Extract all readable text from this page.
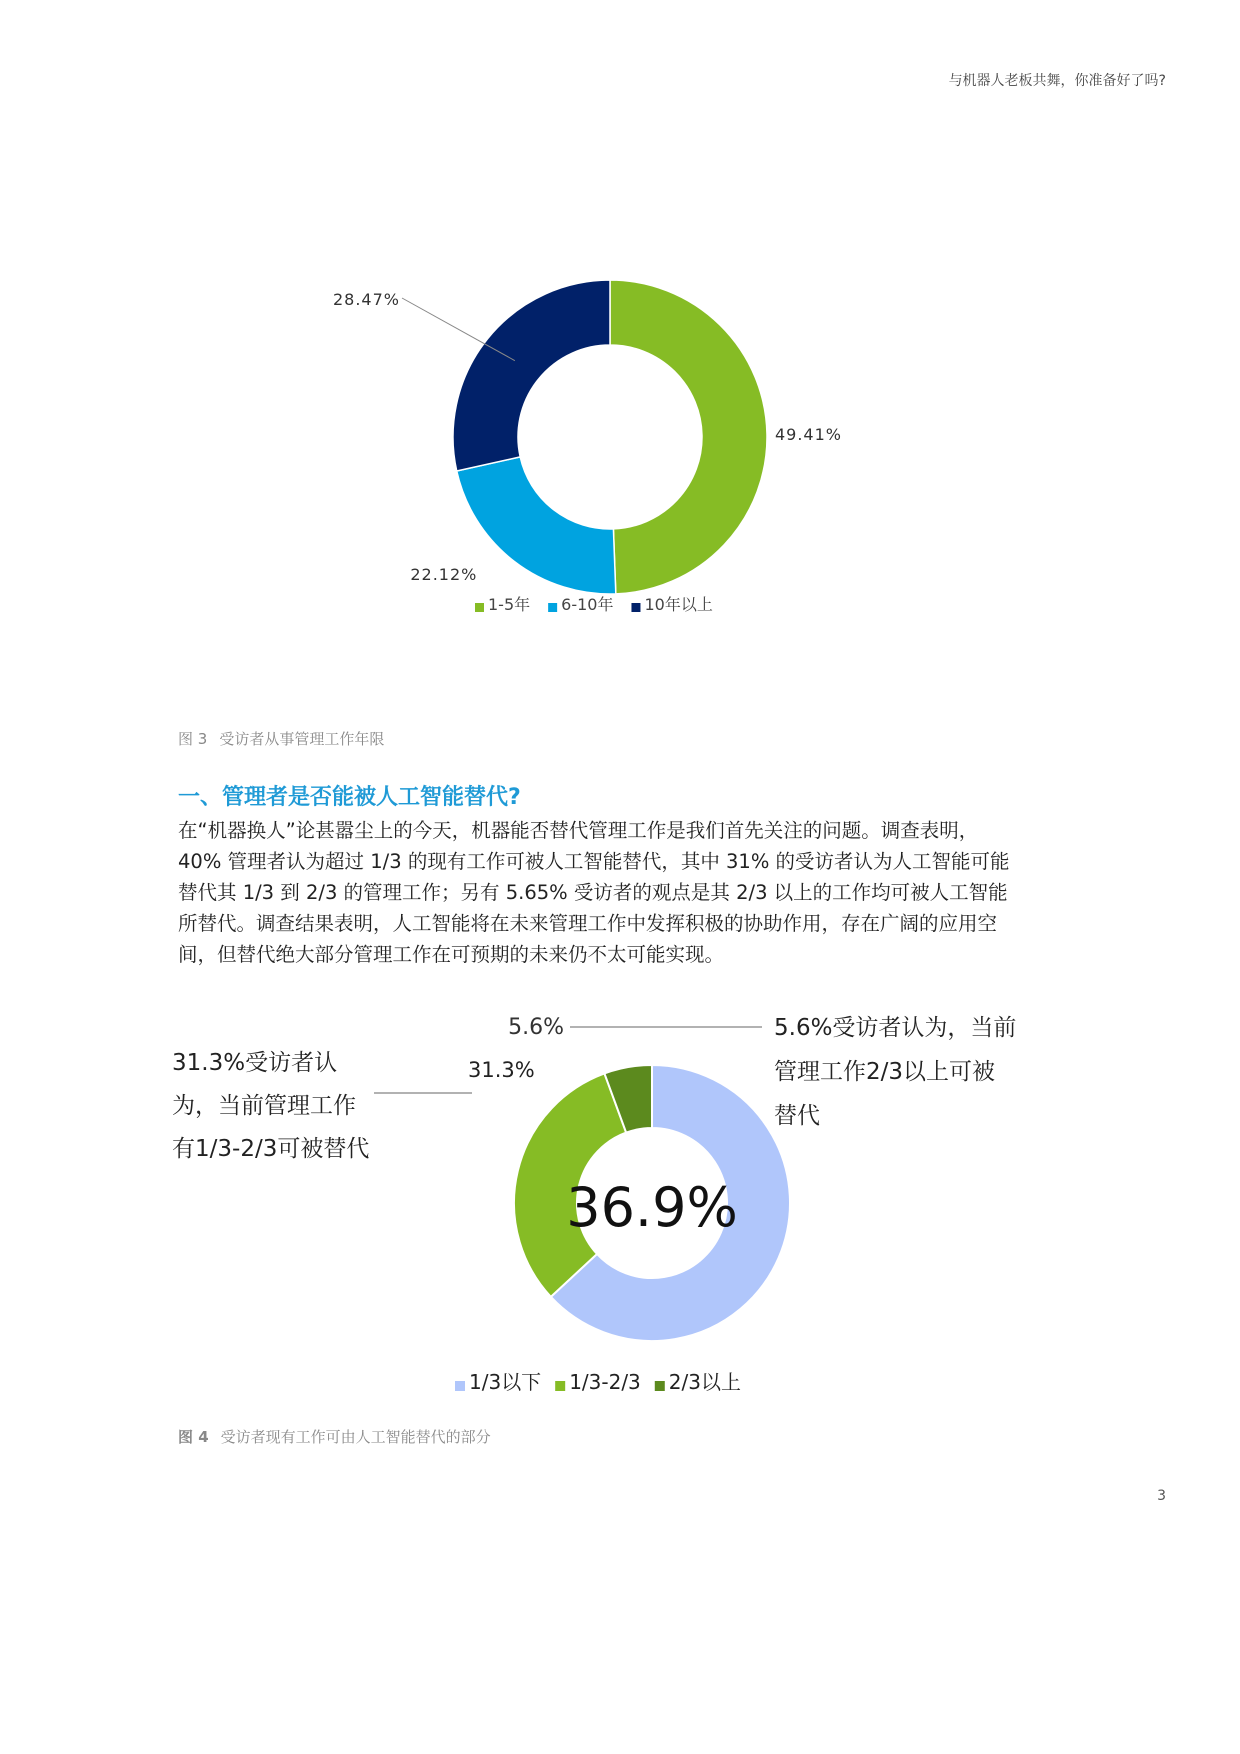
与机器人老板共舞，你准备好了吗?
49.41%
22.12%
28.47%
1-5年 6-10年 10年以上
图 3 受访者从事管理工作年限
一、管理者是否能被人工智能替代?

在“机器换人”论甚嚣尘上的今天，机器能否替代管理工作是我们首先关注的问题。调查表明，

40% 管理者认为超过 1/3 的现有工作可被人工智能替代，其中 31% 的受访者认为人工智能可能

替代其 1/3 到 2/3 的管理工作；另有 5.65% 受访者的观点是其 2/3 以上的工作均可被人工智能

所替代。调查结果表明，人工智能将在未来管理工作中发挥积极的协助作用，存在广阔的应用空

间，但替代绝大部分管理工作在可预期的未来仍不太可能实现。

36.9%
5.6%
31.3%
5.6%受访者认为，当前
管理工作2/3以上可被
替代
31.3%受访者认
为，当前管理工作
有1/3-2/3可被替代
1/3以下 1/3-2/3 2/3以上
图 4 受访者现有工作可由人工智能替代的部分
3
